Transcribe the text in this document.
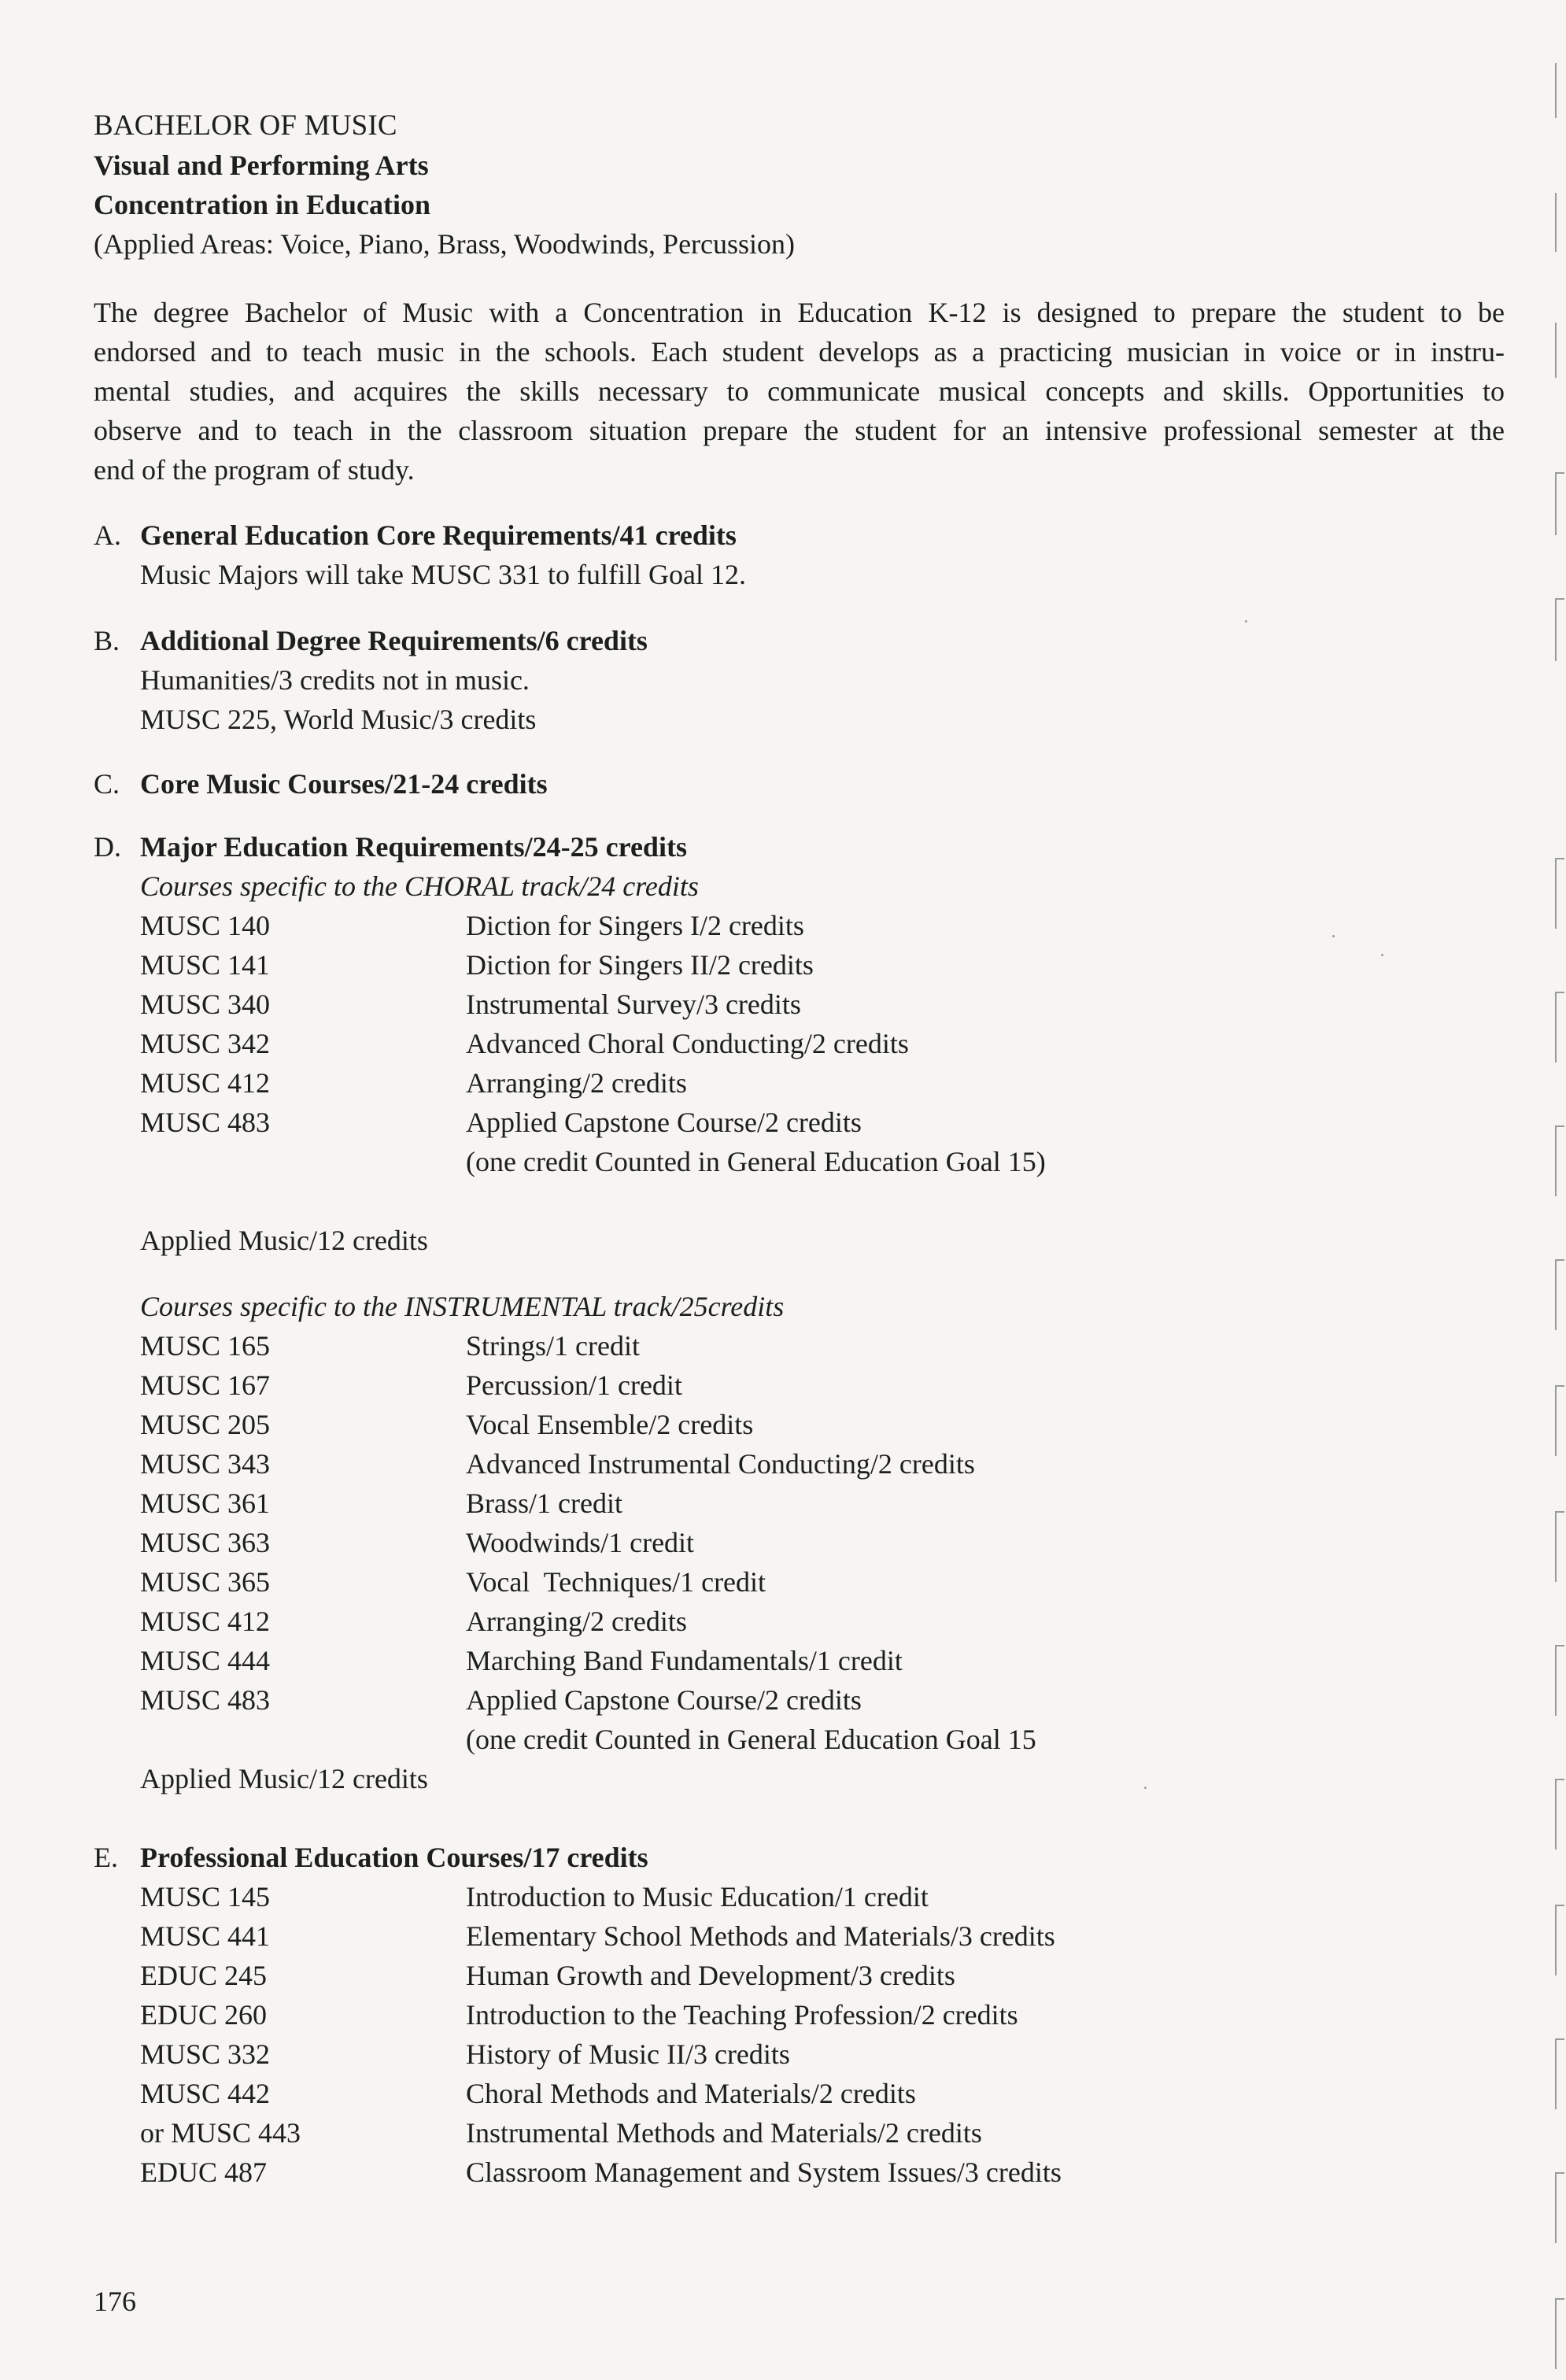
BACHELOR OF MUSIC
Visual and Performing Arts
Concentration in Education
(Applied Areas: Voice, Piano, Brass, Woodwinds, Percussion)
The degree Bachelor of Music with a Concentration in Education K-12 is designed to prepare the student to be
endorsed and to teach music in the schools. Each student develops as a practicing musician in voice or in instru-
mental studies, and acquires the skills necessary to communicate musical concepts and skills. Opportunities to
observe and to teach in the classroom situation prepare the student for an intensive professional semester at the
end of the program of study.
A. General Education Core Requirements/41 credits
Music Majors will take MUSC 331 to fulfill Goal 12.
B. Additional Degree Requirements/6 credits
Humanities/3 credits not in music.
MUSC 225, World Music/3 credits
C. Core Music Courses/21-24 credits
D. Major Education Requirements/24-25 credits
Courses specific to the CHORAL track/24 credits
MUSC 140	Diction for Singers I/2 credits
MUSC 141	Diction for Singers II/2 credits
MUSC 340	Instrumental Survey/3 credits
MUSC 342	Advanced Choral Conducting/2 credits
MUSC 412	Arranging/2 credits
MUSC 483	Applied Capstone Course/2 credits
(one credit Counted in General Education Goal 15)
Applied Music/12 credits
Courses specific to the INSTRUMENTAL track/25credits
MUSC 165	Strings/1 credit
MUSC 167	Percussion/1 credit
MUSC 205	Vocal Ensemble/2 credits
MUSC 343	Advanced Instrumental Conducting/2 credits
MUSC 361	Brass/1 credit
MUSC 363	Woodwinds/1 credit
MUSC 365	Vocal  Techniques/1 credit
MUSC 412	Arranging/2 credits
MUSC 444	Marching Band Fundamentals/1 credit
MUSC 483	Applied Capstone Course/2 credits
(one credit Counted in General Education Goal 15
Applied Music/12 credits
E. Professional Education Courses/17 credits
MUSC 145	Introduction to Music Education/1 credit
MUSC 441	Elementary School Methods and Materials/3 credits
EDUC 245	Human Growth and Development/3 credits
EDUC 260	Introduction to the Teaching Profession/2 credits
MUSC 332	History of Music II/3 credits
MUSC 442	Choral Methods and Materials/2 credits
or MUSC 443	Instrumental Methods and Materials/2 credits
EDUC 487	Classroom Management and System Issues/3 credits
176
